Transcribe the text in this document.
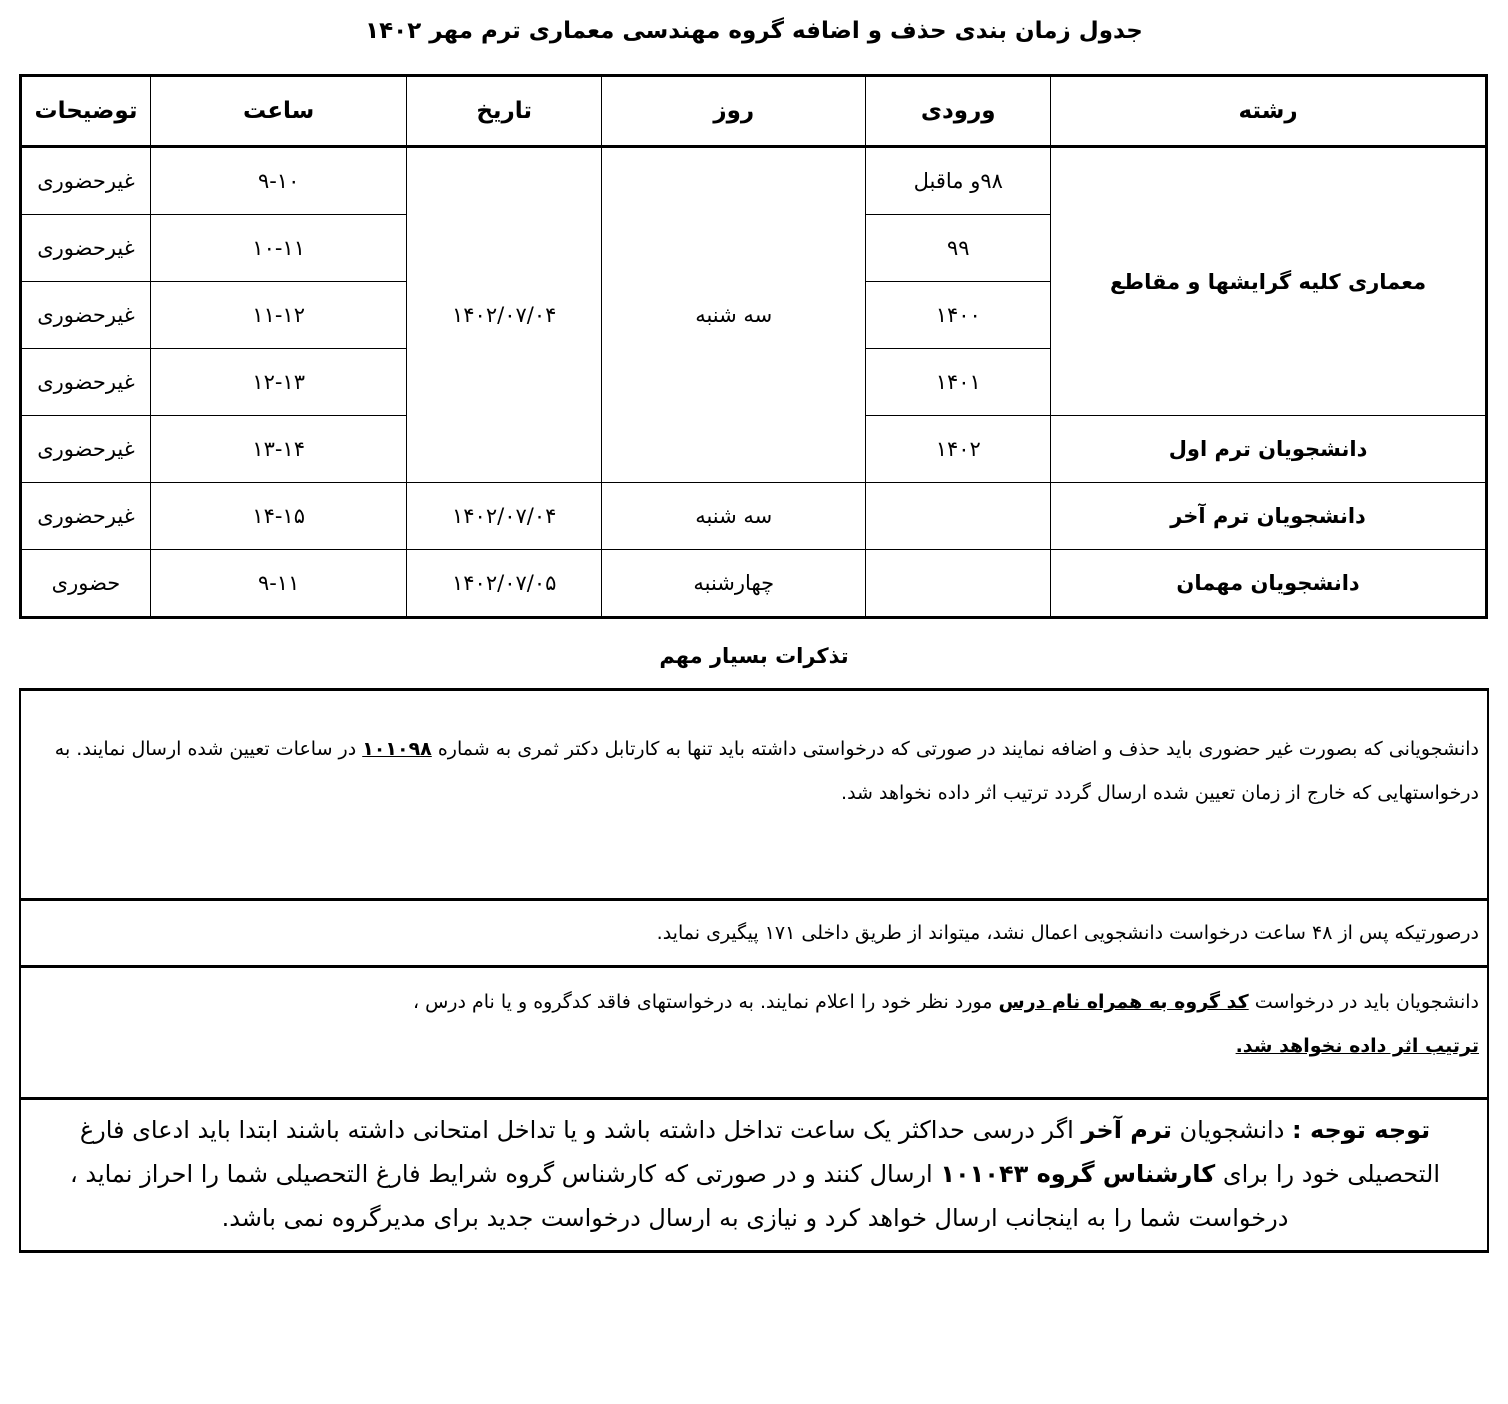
جدول زمان بندی حذف و اضافه گروه مهندسی معماری ترم مهر ۱۴۰۲
رشته	ورودی	روز	تاریخ	ساعت	توضیحات
معماری کلیه گرایشها و مقاطع	۹۸و ماقبل	سه شنبه	۱۴۰۲/۰۷/۰۴	۹-۱۰	غیرحضوری
	۹۹			۱۰-۱۱	غیرحضوری
	۱۴۰۰			۱۱-۱۲	غیرحضوری
	۱۴۰۱			۱۲-۱۳	غیرحضوری
دانشجویان ترم اول	۱۴۰۲			۱۳-۱۴	غیرحضوری
دانشجویان ترم آخر		سه شنبه	۱۴۰۲/۰۷/۰۴	۱۴-۱۵	غیرحضوری
دانشجویان مهمان		چهارشنبه	۱۴۰۲/۰۷/۰۵	۹-۱۱	حضوری
تذکرات بسیار مهم
دانشجویانی که بصورت غیر حضوری باید حذف و اضافه نمایند در صورتی که درخواستی داشته باید تنها به کارتابل دکتر ثمری به شماره ۱۰۱۰۹۸ در ساعات تعیین شده ارسال نمایند. به درخواستهایی که خارج از زمان تعیین شده ارسال گردد ترتیب اثر داده نخواهد شد.
درصورتیکه پس از ۴۸ ساعت درخواست دانشجویی اعمال نشد، میتواند از طریق داخلی ۱۷۱ پیگیری نماید.
دانشجویان باید در درخواست کد گروه به همراه نام درس مورد نظر خود را اعلام نمایند. به درخواستهای فاقد کدگروه و یا نام درس ،
ترتیب اثر داده نخواهد شد.
توجه توجه : دانشجویان ترم آخر اگر درسی حداکثر یک ساعت تداخل داشته باشد و یا تداخل امتحانی داشته باشند ابتدا باید ادعای فارغ التحصیلی خود را برای کارشناس گروه ۱۰۱۰۴۳ ارسال کنند و در صورتی که کارشناس گروه شرایط فارغ التحصیلی شما را احراز نماید ، درخواست شما را به اینجانب ارسال خواهد کرد و نیازی به ارسال درخواست جدید برای مدیرگروه نمی باشد.
